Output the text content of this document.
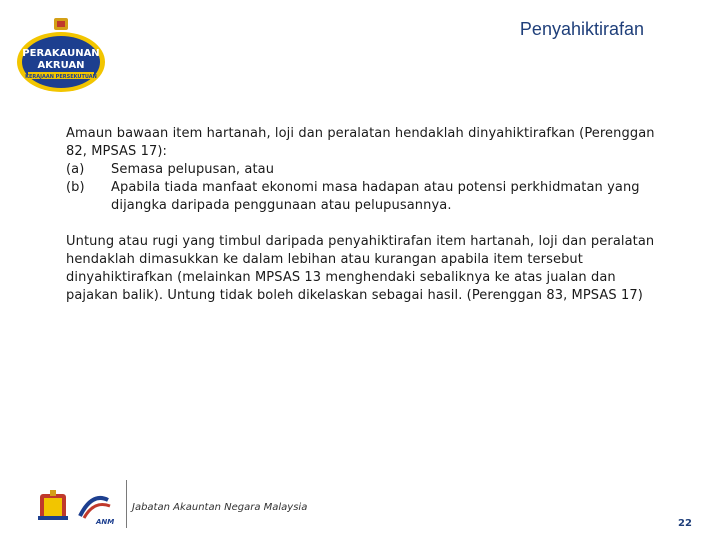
PERAKAUNAN
AKRUAN
KERAJAAN PERSEKUTUAN
Penyahiktirafan

Amaun bawaan item hartanah, loji dan peralatan hendaklah dinyahiktirafkan (Perenggan 82, MPSAS 17):

(a)	Semasa pelupusan, atau
(b)	Apabila tiada manfaat ekonomi masa hadapan atau potensi perkhidmatan yang dijangka daripada penggunaan atau pelupusannya.

Untung atau rugi yang timbul daripada penyahiktirafan item hartanah, loji dan peralatan hendaklah dimasukkan ke dalam lebihan atau kurangan apabila item tersebut dinyahiktirafkan (melainkan MPSAS 13 menghendaki sebaliknya ke atas jualan dan pajakan balik). Untung tidak boleh dikelaskan sebagai hasil. (Perenggan 83, MPSAS 17)

ANM
Jabatan Akauntan Negara Malaysia
22
